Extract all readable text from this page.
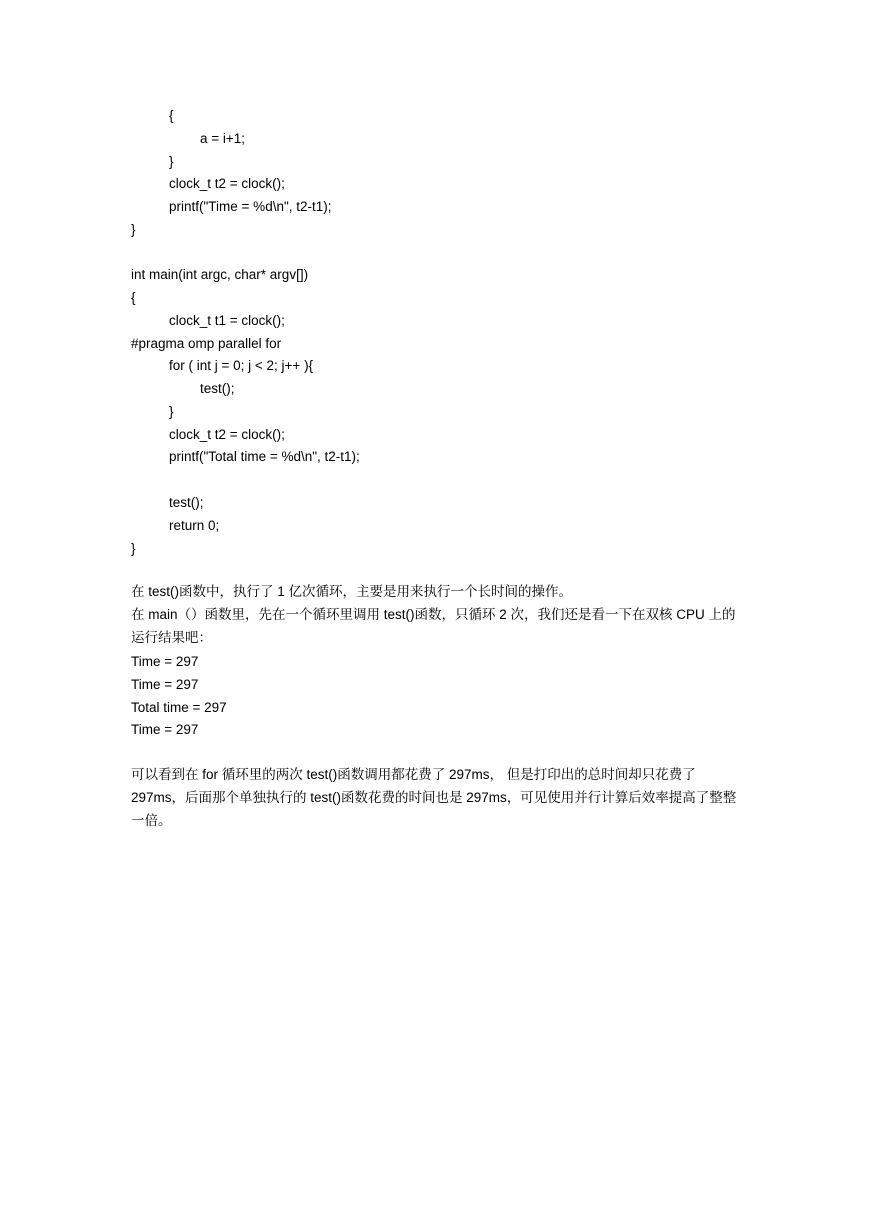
{
a = i+1;
}
clock_t t2 = clock();
printf("Time = %d\n", t2-t1);
}
int main(int argc, char* argv[])
{
clock_t t1 = clock();
#pragma omp parallel for
for ( int j = 0; j < 2; j++ ){
test();
}
clock_t t2 = clock();
printf("Total time = %d\n", t2-t1);
test();
return 0;
}
在 test()函数中，执行了 1 亿次循环，主要是用来执行一个长时间的操作。
在 main（）函数里，先在一个循环里调用 test()函数，只循环 2 次，我们还是看一下在双核 CPU 上的运行结果吧：
Time = 297
Time = 297
Total time = 297
Time = 297
可以看到在 for 循环里的两次 test()函数调用都花费了 297ms， 但是打印出的总时间却只花费了 297ms，后面那个单独执行的 test()函数花费的时间也是 297ms，可见使用并行计算后效率提高了整整一倍。
